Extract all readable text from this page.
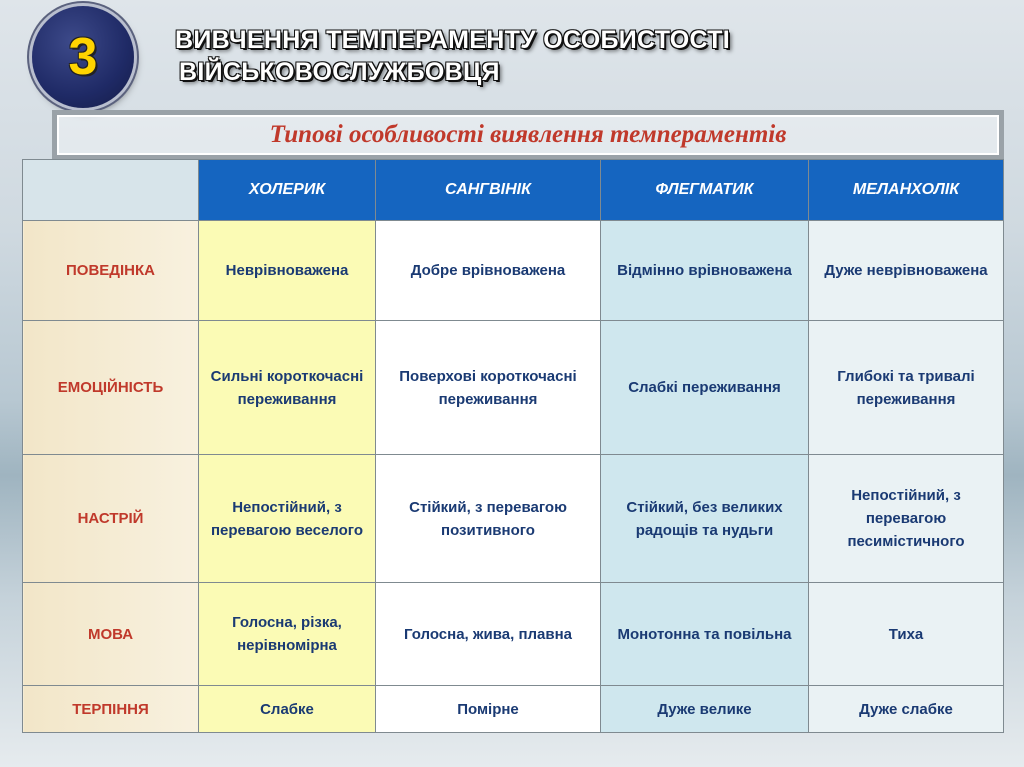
3	ВИВЧЕННЯ ТЕМПЕРАМЕНТУ ОСОБИСТОСТІ
ВІЙСЬКОВОСЛУЖБОВЦЯ
Типові особливості виявлення темпераментів
	ХОЛЕРИК	САНГВІНІК	ФЛЕГМАТИК	МЕЛАНХОЛІК
ПОВЕДІНКА	Неврівноважена	Добре врівноважена	Відмінно врівноважена	Дуже неврівноважена
ЕМОЦІЙНІСТЬ	Сильні короткочасні переживання	Поверхові короткочасні переживання	Слабкі переживання	Глибокі та тривалі переживання
НАСТРІЙ	Непостійний, з перевагою веселого	Стійкий, з перевагою позитивного	Стійкий, без великих радощів та нудьги	Непостійний, з перевагою песимістичного
МОВА	Голосна, різка, нерівномірна	Голосна, жива, плавна	Монотонна та повільна	Тиха
ТЕРПІННЯ	Слабке	Помірне	Дуже велике	Дуже слабке
